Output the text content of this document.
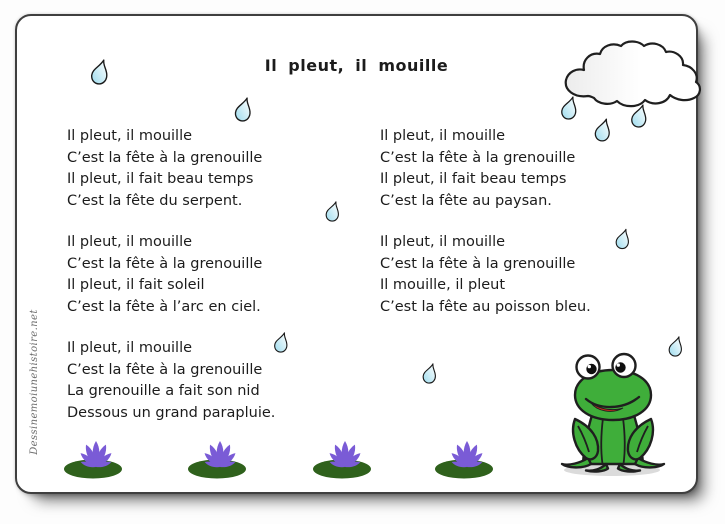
Il pleut, il mouille
Dessinemoiunehistoire.net
Il pleut, il mouille
C’est la fête à la grenouille
Il pleut, il fait beau temps
C’est la fête du serpent.
Il pleut, il mouille
C’est la fête à la grenouille
Il pleut, il fait soleil
C’est la fête à l’arc en ciel.
Il pleut, il mouille
C’est la fête à la grenouille
La grenouille a fait son nid
Dessous un grand parapluie.
Il pleut, il mouille
C’est la fête à la grenouille
Il pleut, il fait beau temps
C’est la fête au paysan.
Il pleut, il mouille
C’est la fête à la grenouille
Il mouille, il pleut
C’est la fête au poisson bleu.
